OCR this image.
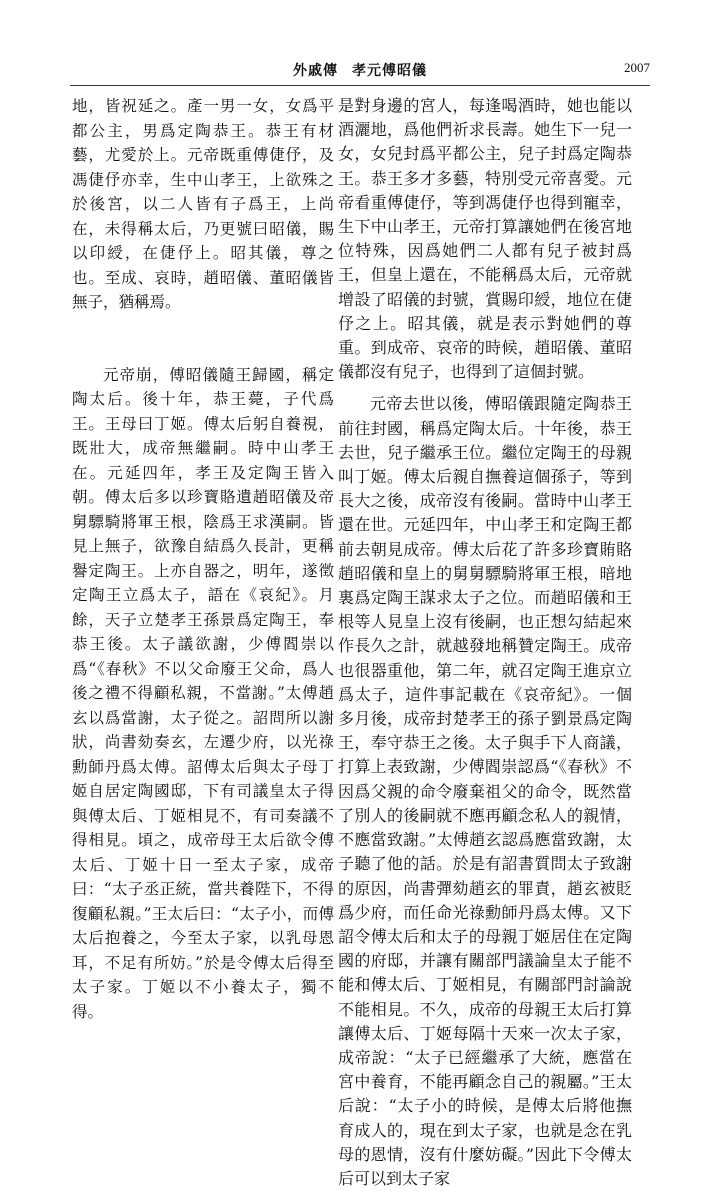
外戚傳 孝元傅昭儀	2007

地，皆祝延之。產一男一女，女爲平都公主，男爲定陶恭王。恭王有材藝，尤愛於上。元帝既重傅倢伃，及馮倢伃亦幸，生中山孝王，上欲殊之於後宮，以二人皆有子爲王，上尚在，未得稱太后，乃更號曰昭儀，賜以印綬，在倢伃上。昭其儀，尊之也。至成、哀時，趙昭儀、董昭儀皆無子，猶稱焉。

元帝崩，傅昭儀隨王歸國，稱定陶太后。後十年，恭王薨，子代爲王。王母曰丁姬。傅太后躬自養視，既壯大，成帝無繼嗣。時中山孝王在。元延四年，孝王及定陶王皆入朝。傅太后多以珍寶賂遺趙昭儀及帝舅驃騎將軍王根，陰爲王求漢嗣。皆見上無子，欲豫自結爲久長計，更稱譽定陶王。上亦自器之，明年，遂徵定陶王立爲太子，語在《哀紀》。月餘，天子立楚孝王孫景爲定陶王，奉恭王後。太子議欲謝，少傅閻崇以爲“《春秋》不以父命廢王父命，爲人後之禮不得顧私親，不當謝。”太傅趙玄以爲當謝，太子從之。詔問所以謝狀，尚書劾奏玄，左遷少府，以光祿勳師丹爲太傅。詔傅太后與太子母丁姬自居定陶國邸，下有司議皇太子得與傅太后、丁姬相見不，有司奏議不得相見。頃之，成帝母王太后欲令傅太后、丁姬十日一至太子家，成帝曰：“太子丞正統，當共養陛下，不得復顧私親。”王太后曰：“太子小，而傅太后抱養之，今至太子家，以乳母恩耳，不足有所妨。”於是令傅太后得至太子家。丁姬以不小養太子，獨不得。

是對身邊的宮人，每逢喝酒時，她也能以酒灑地，爲他們祈求長壽。她生下一兒一女，女兒封爲平都公主，兒子封爲定陶恭王。恭王多才多藝，特別受元帝喜愛。元帝看重傅倢伃，等到馮倢伃也得到寵幸，生下中山孝王，元帝打算讓她們在後宮地位特殊，因爲她們二人都有兒子被封爲王，但皇上還在，不能稱爲太后，元帝就增設了昭儀的封號，賞賜印綬，地位在倢伃之上。昭其儀，就是表示對她們的尊重。到成帝、哀帝的時候，趙昭儀、董昭儀都沒有兒子，也得到了這個封號。

元帝去世以後，傅昭儀跟隨定陶恭王前往封國，稱爲定陶太后。十年後，恭王去世，兒子繼承王位。繼位定陶王的母親叫丁姬。傅太后親自撫養這個孫子，等到長大之後，成帝沒有後嗣。當時中山孝王還在世。元延四年，中山孝王和定陶王都前去朝見成帝。傅太后花了許多珍寶賄賂趙昭儀和皇上的舅舅驃騎將軍王根，暗地裏爲定陶王謀求太子之位。而趙昭儀和王根等人見皇上沒有後嗣，也正想勾結起來作長久之計，就越發地稱贊定陶王。成帝也很器重他，第二年，就召定陶王進京立爲太子，這件事記載在《哀帝紀》。一個多月後，成帝封楚孝王的孫子劉景爲定陶王，奉守恭王之後。太子與手下人商議，打算上表致謝，少傅閻崇認爲“《春秋》不因爲父親的命令廢棄祖父的命令，既然當了別人的後嗣就不應再顧念私人的親情，不應當致謝。”太傅趙玄認爲應當致謝，太子聽了他的話。於是有詔書質問太子致謝的原因，尚書彈劾趙玄的罪責，趙玄被貶爲少府，而任命光祿勳師丹爲太傅。又下詔令傅太后和太子的母親丁姬居住在定陶國的府邸，并讓有關部門議論皇太子能不能和傅太后、丁姬相見，有關部門討論說不能相見。不久，成帝的母親王太后打算讓傅太后、丁姬每隔十天來一次太子家，成帝說：“太子已經繼承了大統，應當在宮中養育，不能再顧念自己的親屬。”王太后說：“太子小的時候，是傅太后將他撫育成人的，現在到太子家，也就是念在乳母的恩情，沒有什麼妨礙。”因此下令傅太后可以到太子家
